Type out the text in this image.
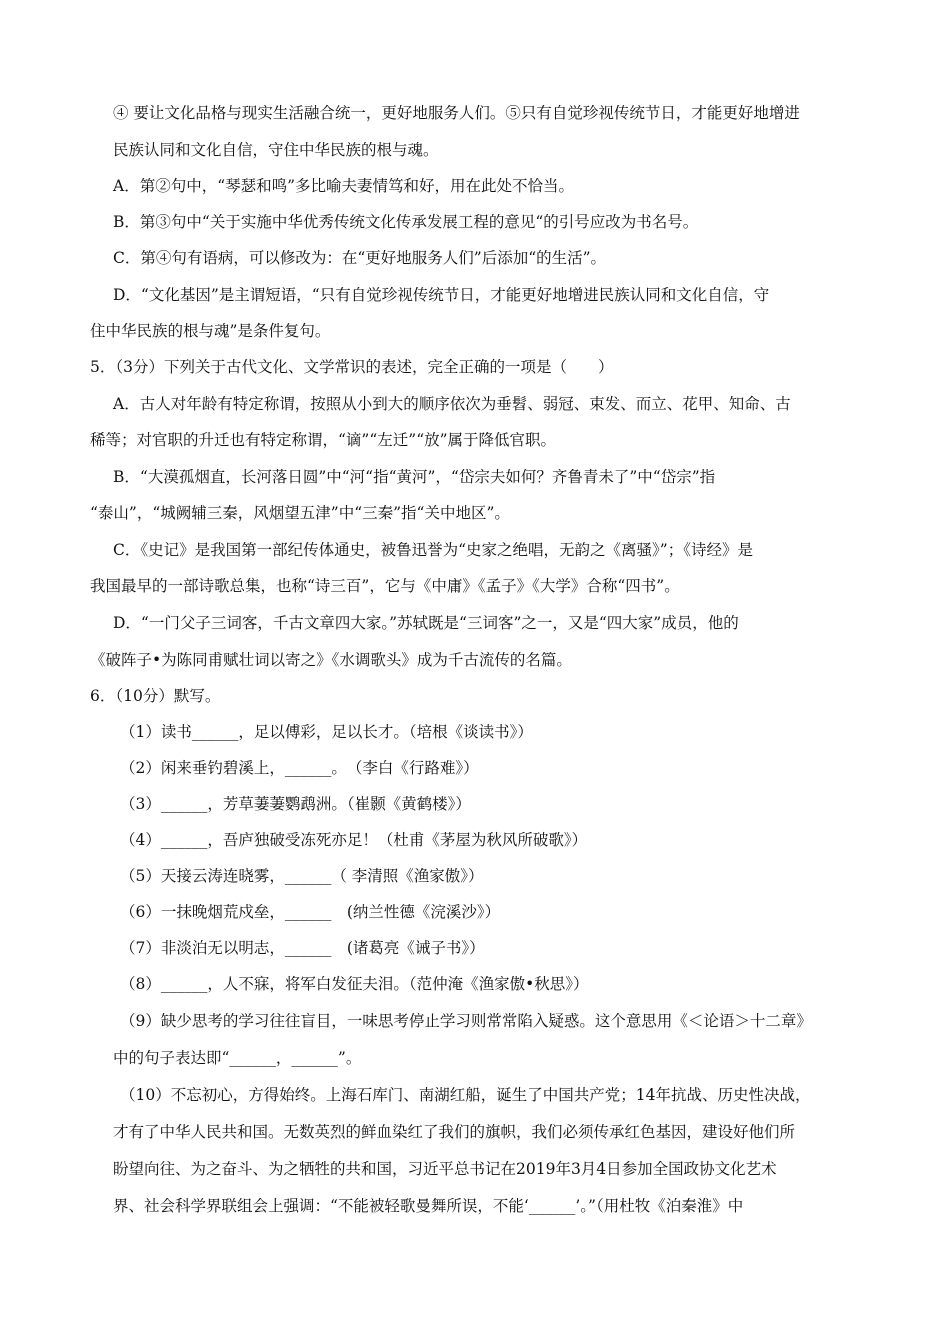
④ 要让文化品格与现实生活融合统一，更好地服务人们。⑤只有自觉珍视传统节日，才能更好地增进
民族认同和文化自信，守住中华民族的根与魂。
A．第②句中，“琴瑟和鸣”多比喻夫妻情笃和好，用在此处不恰当。
B．第③句中“关于实施中华优秀传统文化传承发展工程的意见“的引号应改为书名号。
C．第④句有语病，可以修改为：在“更好地服务人们”后添加“的生活”。
D．“文化基因”是主谓短语，“只有自觉珍视传统节日，才能更好地增进民族认同和文化自信，守
住中华民族的根与魂”是条件复句。
5．（3分）下列关于古代文化、文学常识的表述，完全正确的一项是（　　）
A．古人对年龄有特定称谓，按照从小到大的顺序依次为垂髫、弱冠、束发、而立、花甲、知命、古
稀等；对官职的升迁也有特定称谓，“谪”“左迁”“放”属于降低官职。
B．“大漠孤烟直，长河落日圆”中“河“指“黄河”，“岱宗夫如何？齐鲁青未了”中“岱宗”指
“泰山”，“城阙辅三秦，风烟望五津”中“三秦”指“关中地区”。
C．《史记》是我国第一部纪传体通史，被鲁迅誉为“史家之绝唱，无韵之《离骚》”；《诗经》是
我国最早的一部诗歌总集，也称“诗三百”，它与《中庸》《孟子》《大学》合称“四书”。
D．“一门父子三词客，千古文章四大家。”苏轼既是“三词客”之一，又是“四大家”成员，他的
《破阵子•为陈同甫赋壮词以寄之》《水调歌头》成为千古流传的名篇。
6．（10分）默写。
（1）读书______，足以傅彩，足以长才。（培根《谈读书》）
（2）闲来垂钓碧溪上，______。　（李白《行路难》）
（3）______，芳草萋萋鹦鹉洲。（崔颢《黄鹤楼》）
（4）______，吾庐独破受冻死亦足！（杜甫《茅屋为秋风所破歌》）
（5）天接云涛连晓雾，______（ 李清照《渔家傲》）
（6）一抹晚烟荒戍垒，______　(纳兰性德《浣溪沙》）
（7）非淡泊无以明志，______　(诸葛亮《诫子书》）
（8）______，人不寐，将军白发征夫泪。（范仲淹《渔家傲•秋思》）
（9）缺少思考的学习往往盲目，一味思考停止学习则常常陷入疑惑。这个意思用《＜论语＞十二章》
中的句子表达即“______，______”。
（10）不忘初心，方得始终。上海石库门、南湖红船，诞生了中国共产党；14年抗战、历史性决战，
才有了中华人民共和国。无数英烈的鲜血染红了我们的旗帜，我们必须传承红色基因，建设好他们所
盼望向往、为之奋斗、为之牺牲的共和国，习近平总书记在2019年3月4日参加全国政协文化艺术
界、社会科学界联组会上强调：“不能被轻歌曼舞所误，不能‘______’。”（用杜牧《泊秦淮》中
